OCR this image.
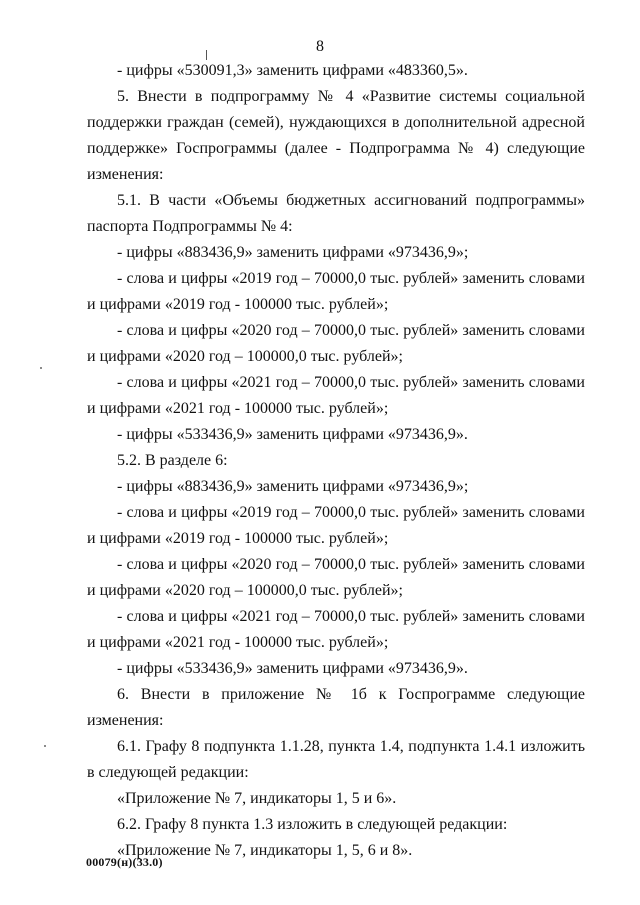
8

- цифры «530091,3» заменить цифрами «483360,5».

5. Внести в подпрограмму № 4 «Развитие системы социальной поддержки граждан (семей), нуждающихся в дополнительной адресной поддержке» Госпрограммы (далее - Подпрограмма № 4) следующие изменения:

5.1. В части «Объемы бюджетных ассигнований подпрограммы» паспорта Подпрограммы № 4:

- цифры «883436,9» заменить цифрами «973436,9»;

- слова и цифры «2019 год – 70000,0 тыс. рублей» заменить словами и цифрами «2019 год - 100000 тыс. рублей»;

- слова и цифры «2020 год – 70000,0 тыс. рублей» заменить словами и цифрами «2020 год – 100000,0 тыс. рублей»;

- слова и цифры «2021 год – 70000,0 тыс. рублей» заменить словами и цифрами «2021 год - 100000 тыс. рублей»;

- цифры «533436,9» заменить цифрами «973436,9».

5.2. В разделе 6:

- цифры «883436,9» заменить цифрами «973436,9»;

- слова и цифры «2019 год – 70000,0 тыс. рублей» заменить словами и цифрами «2019 год - 100000 тыс. рублей»;

- слова и цифры «2020 год – 70000,0 тыс. рублей» заменить словами и цифрами «2020 год – 100000,0 тыс. рублей»;

- слова и цифры «2021 год – 70000,0 тыс. рублей» заменить словами и цифрами «2021 год - 100000 тыс. рублей»;

- цифры «533436,9» заменить цифрами «973436,9».

6. Внести в приложение № 1б к Госпрограмме следующие изменения:

6.1. Графу 8 подпункта 1.1.28, пункта 1.4, подпункта 1.4.1 изложить в следующей редакции:

«Приложение № 7, индикаторы 1, 5 и 6».

6.2. Графу 8 пункта 1.3 изложить в следующей редакции:

«Приложение № 7, индикаторы 1, 5, 6 и 8».

00079(н)(33.0)
